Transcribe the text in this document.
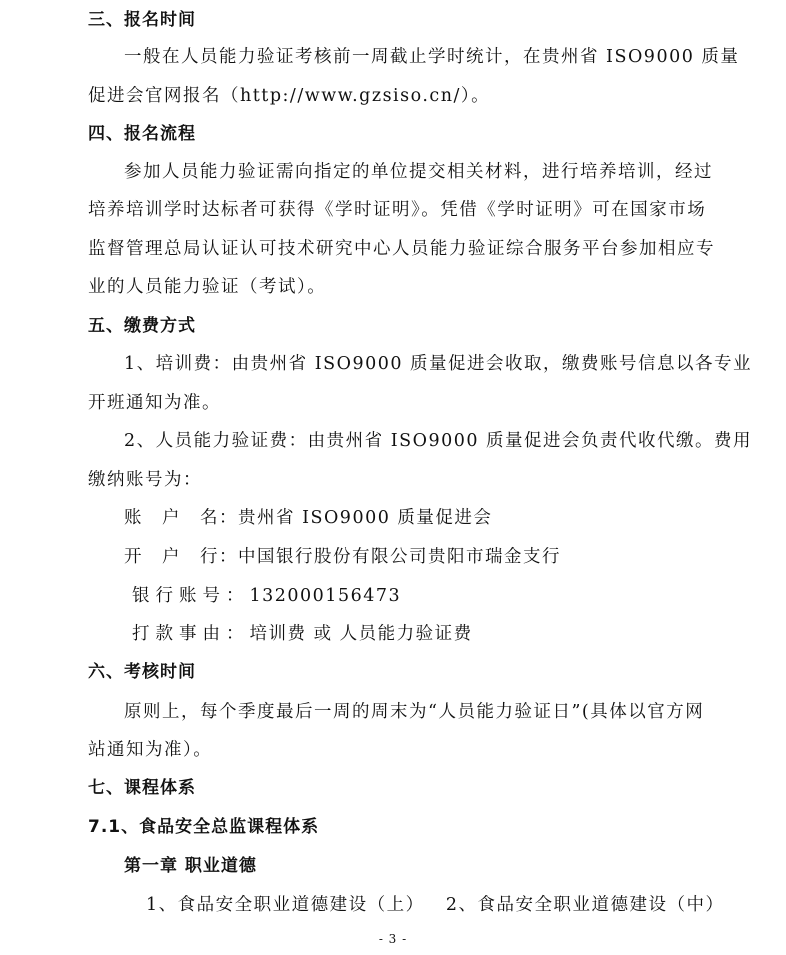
三、报名时间
一般在人员能力验证考核前一周截止学时统计，在贵州省 ISO9000 质量
促进会官网报名（http://www.gzsiso.cn/）。
四、报名流程
参加人员能力验证需向指定的单位提交相关材料，进行培养培训，经过
培养培训学时达标者可获得《学时证明》。凭借《学时证明》可在国家市场
监督管理总局认证认可技术研究中心人员能力验证综合服务平台参加相应专
业的人员能力验证（考试）。
五、缴费方式
1、培训费：由贵州省 ISO9000 质量促进会收取，缴费账号信息以各专业
开班通知为准。
2、人员能力验证费：由贵州省 ISO9000 质量促进会负责代收代缴。费用
缴纳账号为：
账　户　名：贵州省 ISO9000 质量促进会
开　户　行：中国银行股份有限公司贵阳市瑞金支行
银行账号：132000156473
打款事由：培训费 或 人员能力验证费
六、考核时间
原则上，每个季度最后一周的周末为“人员能力验证日”(具体以官方网
站通知为准）。
七、课程体系
7.1、食品安全总监课程体系
第一章 职业道德
1、食品安全职业道德建设（上）   2、食品安全职业道德建设（中）
- 3 -
